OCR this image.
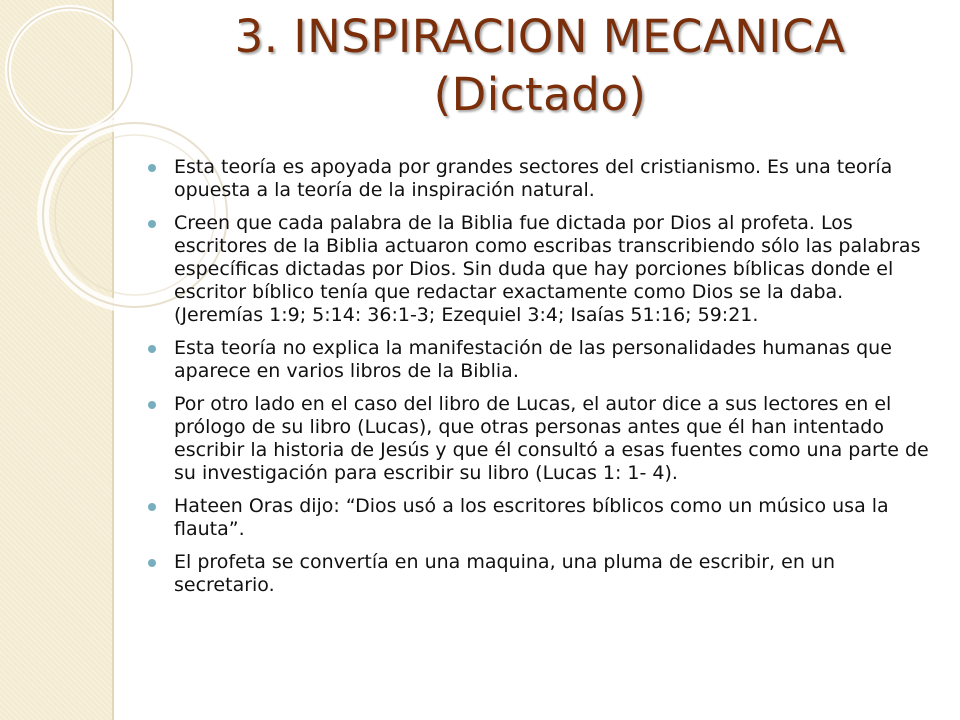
3. INSPIRACION MECANICA
(Dictado)
Esta teoría es apoyada por grandes sectores del cristianismo. Es una teoría opuesta a la teoría de la inspiración natural.
Creen que cada palabra de la Biblia fue dictada por Dios al profeta. Los escritores de la Biblia actuaron como escribas transcribiendo sólo las palabras específicas dictadas por Dios. Sin duda que hay porciones bíblicas donde el escritor bíblico tenía que redactar exactamente como Dios se la daba. (Jeremías 1:9; 5:14: 36:1-3; Ezequiel 3:4; Isaías 51:16; 59:21.
Esta teoría no explica la manifestación de las personalidades humanas que aparece en varios libros de la Biblia.
Por otro lado en el caso del libro de Lucas, el autor dice a sus lectores en el prólogo de su libro (Lucas), que otras personas antes que él han intentado escribir la historia de Jesús y que él consultó a esas fuentes como una parte de su investigación para escribir su libro (Lucas 1: 1- 4).
Hateen Oras dijo: “Dios usó a los escritores bíblicos como un músico usa la flauta”.
El profeta se convertía en una maquina, una pluma de escribir, en un secretario.
